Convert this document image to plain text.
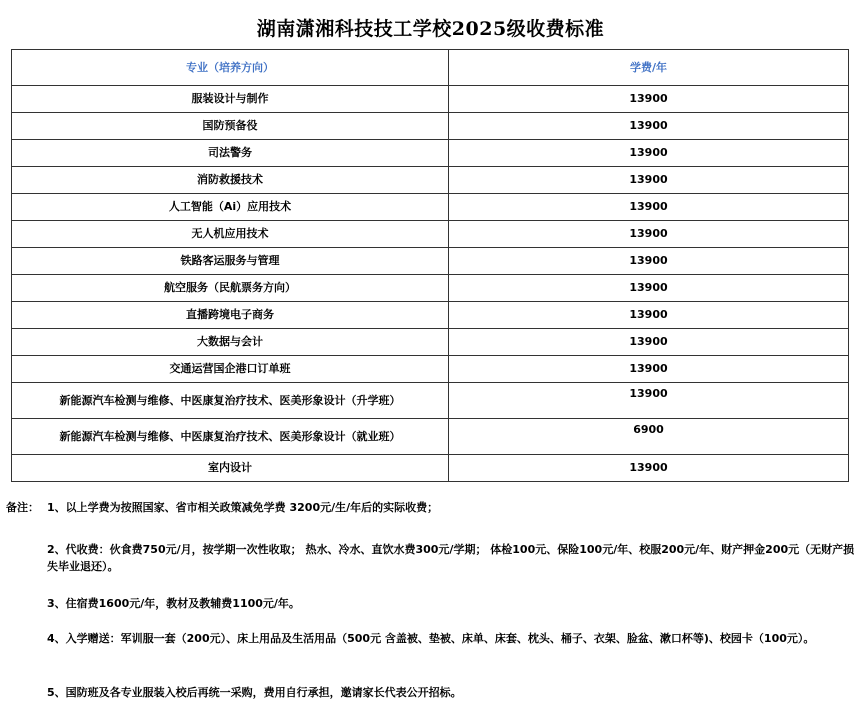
湖南潇湘科技技工学校2025级收费标准
专业（培养方向）	学费/年
服装设计与制作	13900
国防预备役	13900
司法警务	13900
消防救援技术	13900
人工智能（Ai）应用技术	13900
无人机应用技术	13900
铁路客运服务与管理	13900
航空服务（民航票务方向）	13900
直播跨境电子商务	13900
大数据与会计	13900
交通运营国企港口订单班	13900
新能源汽车检测与维修、中医康复治疗技术、医美形象设计（升学班）	13900
新能源汽车检测与维修、中医康复治疗技术、医美形象设计（就业班）	6900
室内设计	13900
备注： 1、以上学费为按照国家、省市相关政策减免学费 3200元/生/年后的实际收费；
2、代收费：伙食费750元/月，按学期一次性收取； 热水、冷水、直饮水费300元/学期； 体检100元、保险100元/年、校服200元/年、财产押金200元（无财产损失毕业退还）。
3、住宿费1600元/年，教材及教辅费1100元/年。
4、入学赠送：军训服一套（200元）、床上用品及生活用品（500元 含盖被、垫被、床单、床套、枕头、桶子、衣架、脸盆、漱口杯等)、校园卡（100元）。
5、国防班及各专业服装入校后再统一采购，费用自行承担，邀请家长代表公开招标。
